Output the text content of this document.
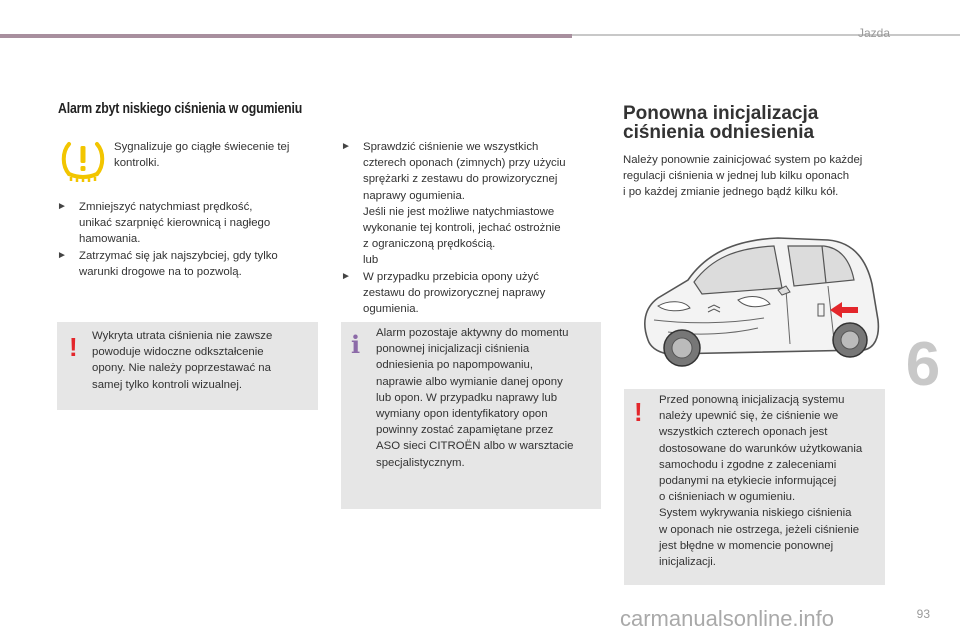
Jazda
6
93
carmanualsonline.info
Alarm zbyt niskiego ciśnienia w ogumieniu
Sygnalizuje go ciągłe świecenie tej
kontrolki.
► Zmniejszyć natychmiast prędkość,
unikać szarpnięć kierownicą i nagłego
hamowania.
► Zatrzymać się jak najszybciej, gdy tylko
warunki drogowe na to pozwolą.
! Wykryta utrata ciśnienia nie zawsze
powoduje widoczne odkształcenie
opony. Nie należy poprzestawać na
samej tylko kontroli wizualnej.
► Sprawdzić ciśnienie we wszystkich
czterech oponach (zimnych) przy użyciu
sprężarki z zestawu do prowizorycznej
naprawy ogumienia.
Jeśli nie jest możliwe natychmiastowe
wykonanie tej kontroli, jechać ostrożnie
z ograniczoną prędkością.
lub
► W przypadku przebicia opony użyć
zestawu do prowizorycznej naprawy
ogumienia.
i Alarm pozostaje aktywny do momentu
ponownej inicjalizacji ciśnienia
odniesienia po napompowaniu,
naprawie albo wymianie danej opony
lub opon. W przypadku naprawy lub
wymiany opon identyfikatory opon
powinny zostać zapamiętane przez
ASO sieci CITROËN albo w warsztacie
specjalistycznym.
Ponowna inicjalizacja
ciśnienia odniesienia
Należy ponownie zainicjować system po każdej
regulacji ciśnienia w jednej lub kilku oponach
i po każdej zmianie jednego bądź kilku kół.
! Przed ponowną inicjalizacją systemu
należy upewnić się, że ciśnienie we
wszystkich czterech oponach jest
dostosowane do warunków użytkowania
samochodu i zgodne z zaleceniami
podanymi na etykiecie informującej
o ciśnieniach w ogumieniu.
System wykrywania niskiego ciśnienia
w oponach nie ostrzega, jeżeli ciśnienie
jest błędne w momencie ponownej
inicjalizacji.
